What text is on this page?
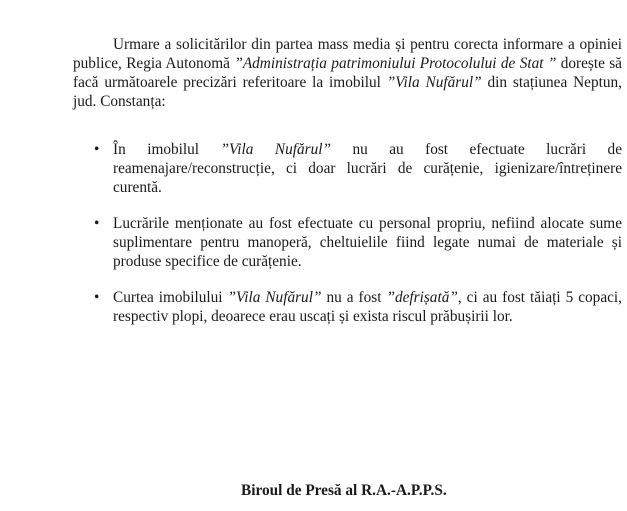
Urmare a solicitărilor din partea mass media și pentru corecta informare a opiniei publice, Regia Autonomă ”Administrația patrimoniului Protocolului de Stat ” dorește să facă următoarele precizări referitoare la imobilul ”Vila Nufărul” din stațiunea Neptun, jud. Constanța:

• În imobilul ”Vila Nufărul” nu au fost efectuate lucrări de reamenajare/reconstrucție, ci doar lucrări de curățenie, igienizare/întreținere curentă.
• Lucrările menționate au fost efectuate cu personal propriu, nefiind alocate sume suplimentare pentru manoperă, cheltuielile fiind legate numai de materiale și produse specifice de curățenie.
• Curtea imobilului ”Vila Nufărul” nu a fost ”defrișată”, ci au fost tăiați 5 copaci, respectiv plopi, deoarece erau uscați și exista riscul prăbușirii lor.
Biroul de Presă al R.A.-A.P.P.S.
